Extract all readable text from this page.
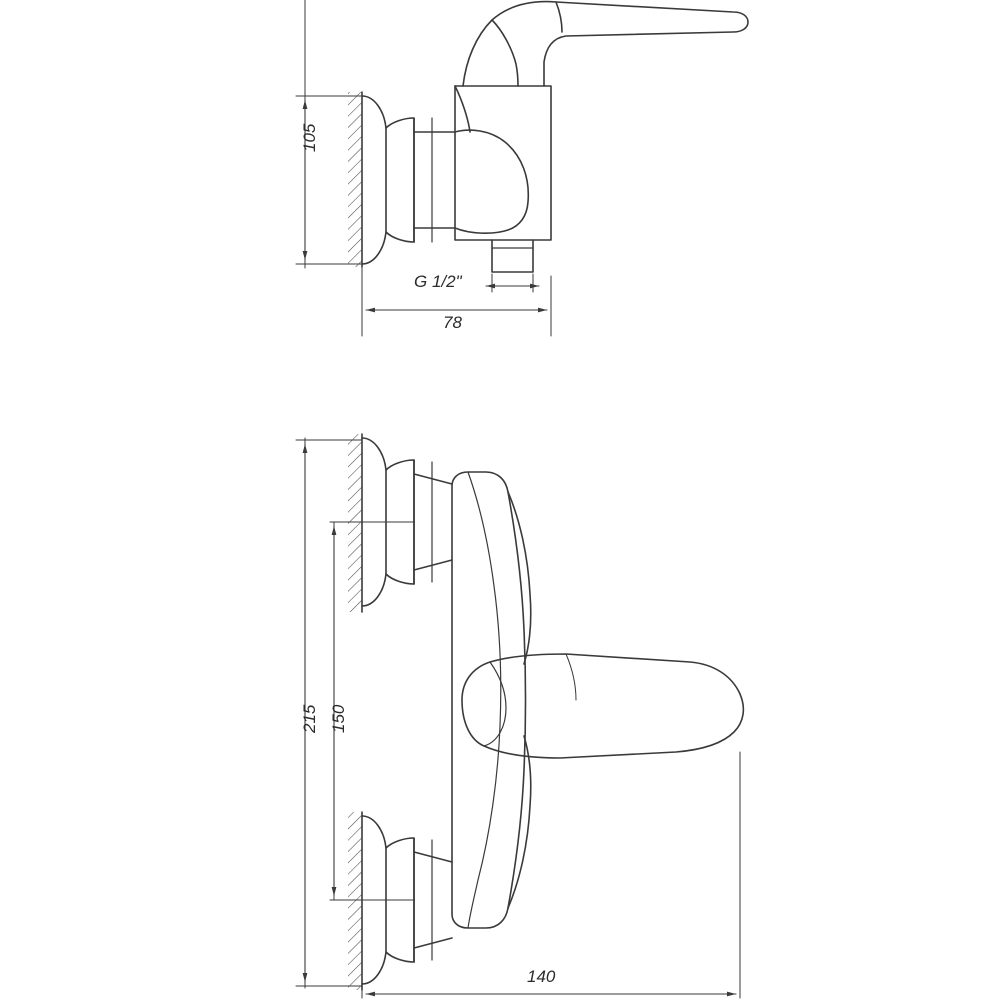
105
78
G 1/2"
215 150
140
